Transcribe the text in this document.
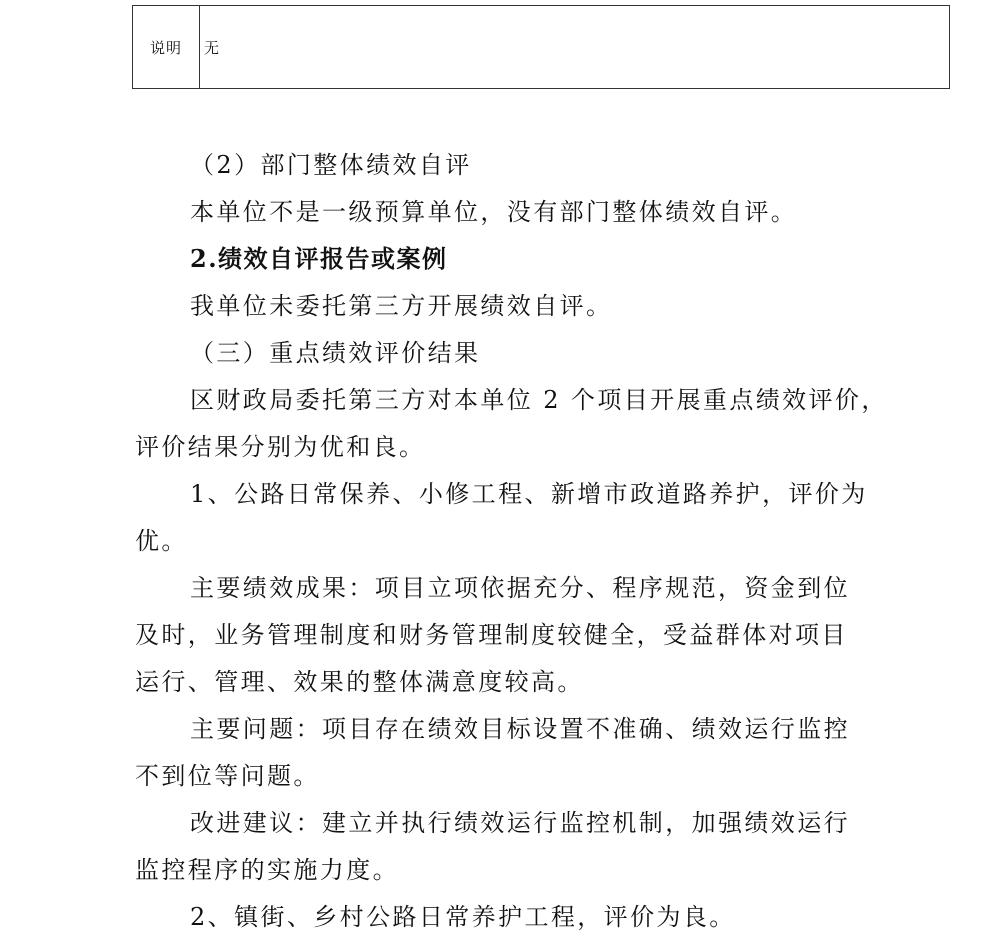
说明	无
（2）部门整体绩效自评
本单位不是一级预算单位，没有部门整体绩效自评。
2.绩效自评报告或案例
我单位未委托第三方开展绩效自评。
（三）重点绩效评价结果
区财政局委托第三方对本单位 2 个项目开展重点绩效评价，
评价结果分别为优和良。
1、公路日常保养、小修工程、新增市政道路养护，评价为
优。
主要绩效成果：项目立项依据充分、程序规范，资金到位
及时，业务管理制度和财务管理制度较健全，受益群体对项目
运行、管理、效果的整体满意度较高。
主要问题：项目存在绩效目标设置不准确、绩效运行监控
不到位等问题。
改进建议：建立并执行绩效运行监控机制，加强绩效运行
监控程序的实施力度。
2、镇街、乡村公路日常养护工程，评价为良。
